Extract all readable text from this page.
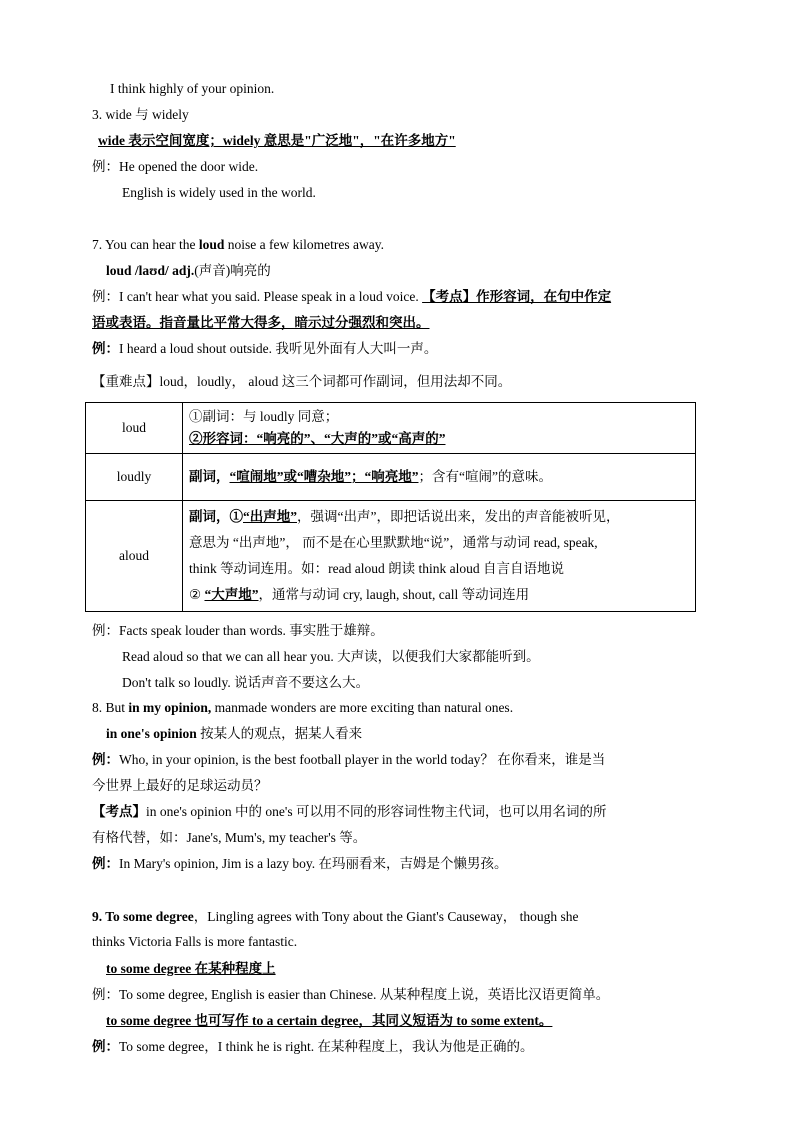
I think highly of your opinion.
3. wide 与 widely
wide 表示空间宽度；widely 意思是"广泛地"，"在许多地方"
例：He opened the door wide.
English is widely used in the world.
7. You can hear the loud noise a few kilometres away.
loud /laʊd/ adj.(声音)响亮的
例：I can't hear what you said. Please speak in a loud voice. 【考点】作形容词，在句中作定
语或表语。指音量比平常大得多，暗示过分强烈和突出。
例：I heard a loud shout outside. 我听见外面有人大叫一声。
【重难点】loud，loudly， aloud 这三个词都可作副词，但用法却不同。
loud	①副词：与 loudly 同意；
②形容词：“响亮的”、“大声的”或“高声的”

loudly	副词，“喧闹地”或“嘈杂地”；“响亮地”；含有“喧闹”的意味。

aloud	副词，①“出声地”，强调“出声”，即把话说出来，发出的声音能被听见，
意思为 “出声地”， 而不是在心里默默地“说”，通常与动词 read, speak,
think 等动词连用。如：read aloud 朗读 think aloud 自言自语地说
② “大声地”，通常与动词 cry, laugh, shout, call 等动词连用
例：Facts speak louder than words. 事实胜于雄辩。
Read aloud so that we can all hear you. 大声读，以便我们大家都能听到。
Don't talk so loudly. 说话声音不要这么大。
8. But in my opinion, manmade wonders are more exciting than natural ones.
in one's opinion 按某人的观点，据某人看来
例：Who, in your opinion, is the best football player in the world today？ 在你看来，谁是当
今世界上最好的足球运动员？
【考点】in one's opinion 中的 one's 可以用不同的形容词性物主代词，也可以用名词的所
有格代替，如：Jane's, Mum's, my teacher's 等。
例：In Mary's opinion, Jim is a lazy boy. 在玛丽看来，吉姆是个懒男孩。
9. To some degree，Lingling agrees with Tony about the Giant's Causeway， though she
thinks Victoria Falls is more fantastic.
to some degree 在某种程度上
例：To some degree, English is easier than Chinese. 从某种程度上说，英语比汉语更简单。
to some degree 也可写作 to a certain degree，其同义短语为 to some extent。
例：To some degree，I think he is right. 在某种程度上，我认为他是正确的。
